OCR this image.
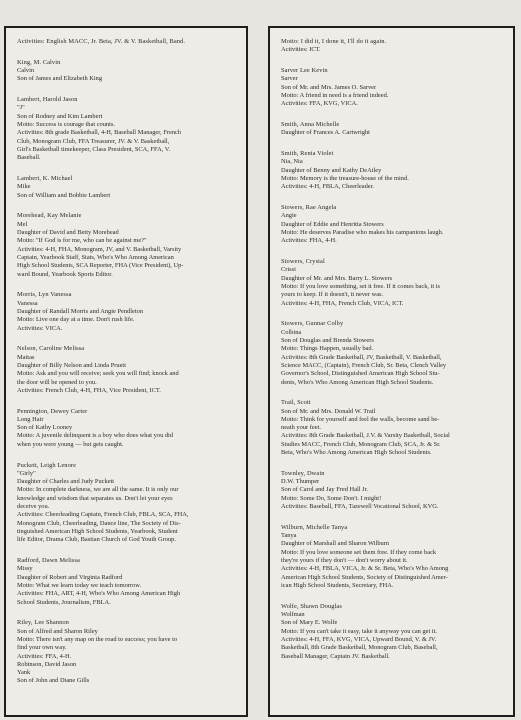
Activities: English MACC, Jr. Beta, JV. & V. Basketball, Band.
King, M. Calvin
Calvin
Son of James and Elizabeth King
Lambert, Harold Jason
"J"
Son of Rodney and Kim Lambert
Motto: Success is courage that counts.
Activities: 8th grade Basketball, 4-H, Baseball Manager, French
Club, Monogram Club, FFA Treasurer, JV. & V. Basketball,
Girl's Basketball timekeeper, Class President, SCA, FFA, V.
Baseball.
Lambert, K. Michael
Mike
Son of William and Bobbie Lambert
Morehead, Kay Melanie
Mel
Daughter of David and Betty Morehead
Motto: "If God is for me, who can be against me?"
Activities: 4-H, FHA, Monogram, JV, and V. Basketball, Varsity
Captain, Yearbook Staff, Stats, Who's Who Among American
High School Students, SCA Reporter, FHA (Vice President), Up-
ward Bound, Yearbook Sports Editor.
Morris, Lyn Vanessa
Vanessa
Daughter of Randall Morris and Angie Pendleton
Motto: Live one day at a time. Don't rush life.
Activities: VICA.
Nelson, Caroline Melissa
Mattas
Daughter of Billy Nelson and Linda Pruett
Motto: Ask and you will receive; seek you will find; knock and
the door will be opened to you.
Activities: French Club, 4-H, FHA, Vice President, ICT.
Pennington, Dewey Carter
Long Hair
Son of Kathy Looney
Motto: A juvenile delinquent is a boy who does what you did
when you were young — but gets caught.
Puckett, Leigh Lenore
"Girly"
Daughter of Charles and Judy Puckett
Motto: In complete darkness, we are all the same. It is only our
knowledge and wisdom that separates us. Don't let your eyes
deceive you.
Activities: Cheerleading Captain, French Club, FBLA, SCA, FHA,
Monogram Club, Cheerleading, Dance line, The Society of Dis-
tinguished American High School Students, Yearbook, Student
life Editor, Drama Club, Bastian Church of God Youth Group.
Radford, Dawn Melissa
Missy
Daughter of Robert and Virginia Radford
Motto: What we learn today we teach tomorrow.
Activities: FHA, ART, 4-H, Who's Who Among American High
School Students, Journalism, FBLA.
Riley, Lee Shannon
Son of Alfred and Sharon Riley
Motto: There isn't any map on the road to success; you have to
find your own way.
Activities: FFA, 4-H.
Robinson, David Jason
Yank
Son of John and Diane Gills
Motto: I did it, I done it, I'll do it again.
Activities: ICT.
Sarver Lee Kevin
Sarver
Son of Mr. and Mrs. James O. Sarver
Motto: A friend in need is a friend indeed.
Activities: FFA, KVG, VICA.
Smith, Anna Michelle
Daughter of Frances A. Cartwright
Smith, Renia Violet
Nia, Nia
Daughter of Benny and Kathy DeAtley
Motto: Memory is the treasure-house of the mind.
Activities: 4-H, FBLA, Cheerleader.
Stowers, Rae Angela
Angie
Daughter of Eddie and Henritta Stowers
Motto: He deserves Paradise who makes his campanions laugh.
Activities: FHA, 4-H.
Stowers, Crystal
Crissi
Daughter of Mr. and Mrs. Barry L. Stowers
Motto: If you love something, set it free. If it comes back, it is
yours to keep. If it doesn't, it never was.
Activities: 4-H, FHA, French Club, VICA, ICT.
Stowers, Gunnar Colby
Colbina
Son of Douglas and Brenda Stowers
Motto: Things Happen, usually bad.
Activities: 8th Grade Basketball, JV, Basketball, V. Basketball,
Science MACC, (Captain), French Club, Sr. Beta, Clench Valley
Governor's School, Distinguished American High School Stu-
dents, Who's Who Among American High School Students.
Trail, Scott
Son of Mr. and Mrs. Donald W. Trail
Motto: Think for yourself and feel the walls, become sand be-
neath your feet.
Activities: 8th Grade Basketball, J.V. & Varsity Basketball, Social
Studies MACC, French Club, Monogram Club, SCA, Jr. & Sr.
Beta, Who's Who Among American High School Students.
Townley, Dwain
D.W. Thumper
Son of Carol and Jay Fred Hall Jr.
Motto: Some Do, Some Don't. I might!
Activities: Baseball, FFA, Tazewell Vocational School, KVG.
Wilburn, Michelle Tanya
Tanya
Daughter of Marshall and Sharon Wilburn
Motto: If you love someone set them free. If they come back
they're yours if they don't — don't worry about it.
Activities: 4-H, FBLA, VICA, Jr. & Sr. Beta, Who's Who Among
American High School Students, Society of Distinguished Amer-
ican High School Students, Secretary, FHA.
Wolfe, Shawn Douglas
Wolfman
Son of Mary E. Wolfe
Motto: If you can't take it easy, take it anyway you can get it.
Activities: 4-H, FFA, KVG, VICA, Upward Bound, V. & JV.
Basketball, 8th Grade Basketball, Monogram Club, Baseball,
Baseball Manager, Captain JV. Basketball.
